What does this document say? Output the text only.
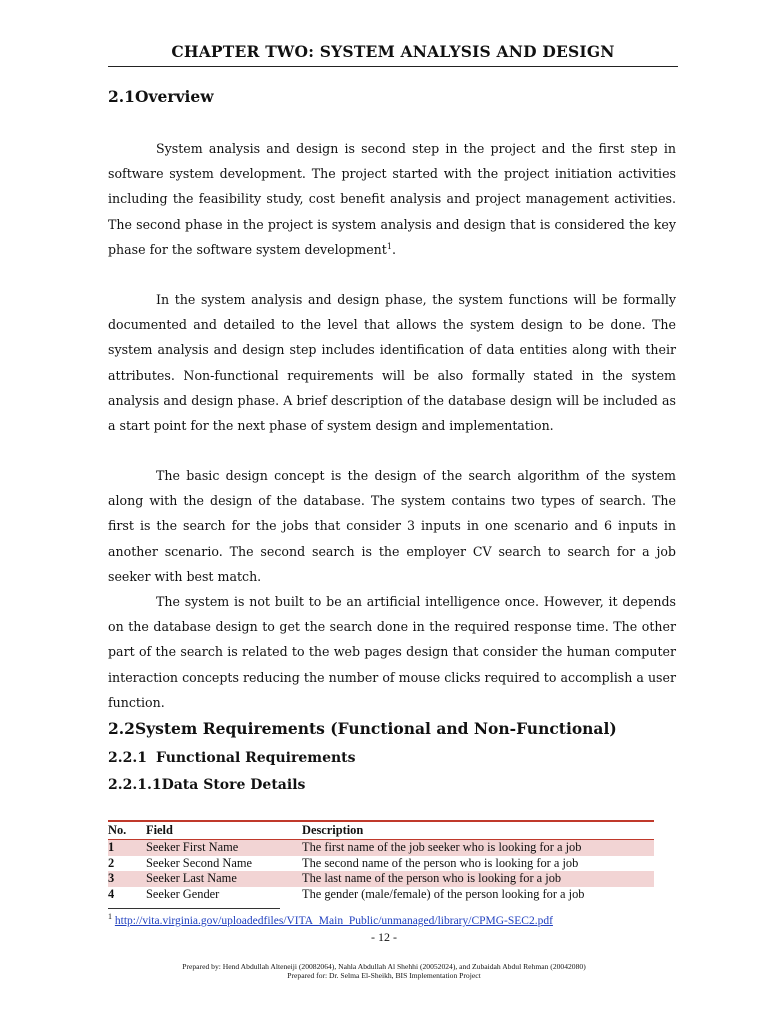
CHAPTER TWO: SYSTEM ANALYSIS AND DESIGN
2.1Overview

System analysis and design is second step in the project and the first step in software system development. The project started with the project initiation activities including the feasibility study, cost benefit analysis and project management activities. The second phase in the project is system analysis and design that is considered the key phase for the software system development$^1$.

In the system analysis and design phase, the system functions will be formally documented and detailed to the level that allows the system design to be done. The system analysis and design step includes identification of data entities along with their attributes. Non-functional requirements will be also formally stated in the system analysis and design phase. A brief description of the database design will be included as a start point for the next phase of system design and implementation.

The basic design concept is the design of the search algorithm of the system along with the design of the database. The system contains two types of search. The first is the search for the jobs that consider 3 inputs in one scenario and 6 inputs in another scenario. The second search is the employer CV search to search for a job seeker with best match.

The system is not built to be an artificial intelligence once. However, it depends on the database design to get the search done in the required response time. The other part of the search is related to the web pages design that consider the human computer interaction concepts reducing the number of mouse clicks required to accomplish a user function.

2.2System Requirements (Functional and Non-Functional)
2.2.1 Functional Requirements
2.2.1.1Data Store Details
No.	Field	Description
1	Seeker First Name	The first name of the job seeker who is looking for a job
2	Seeker Second Name	The second name of the person who is looking for a job
3	Seeker Last Name	The last name of the person who is looking for a job
4	Seeker Gender	The gender (male/female) of the person looking for a job
$^1$ http://vita.virginia.gov/uploadedfiles/VITA_Main_Public/unmanaged/library/CPMG-SEC2.pdf
- 12 -
Prepared by: Hend Abdullah Alteneiji (20082064), Nahla Abdullah Al Shehhi (20052024), and Zubaidah Abdul Rehman (20042080)
Prepared for: Dr. Selma El-Sheikh, BIS Implementation Project
